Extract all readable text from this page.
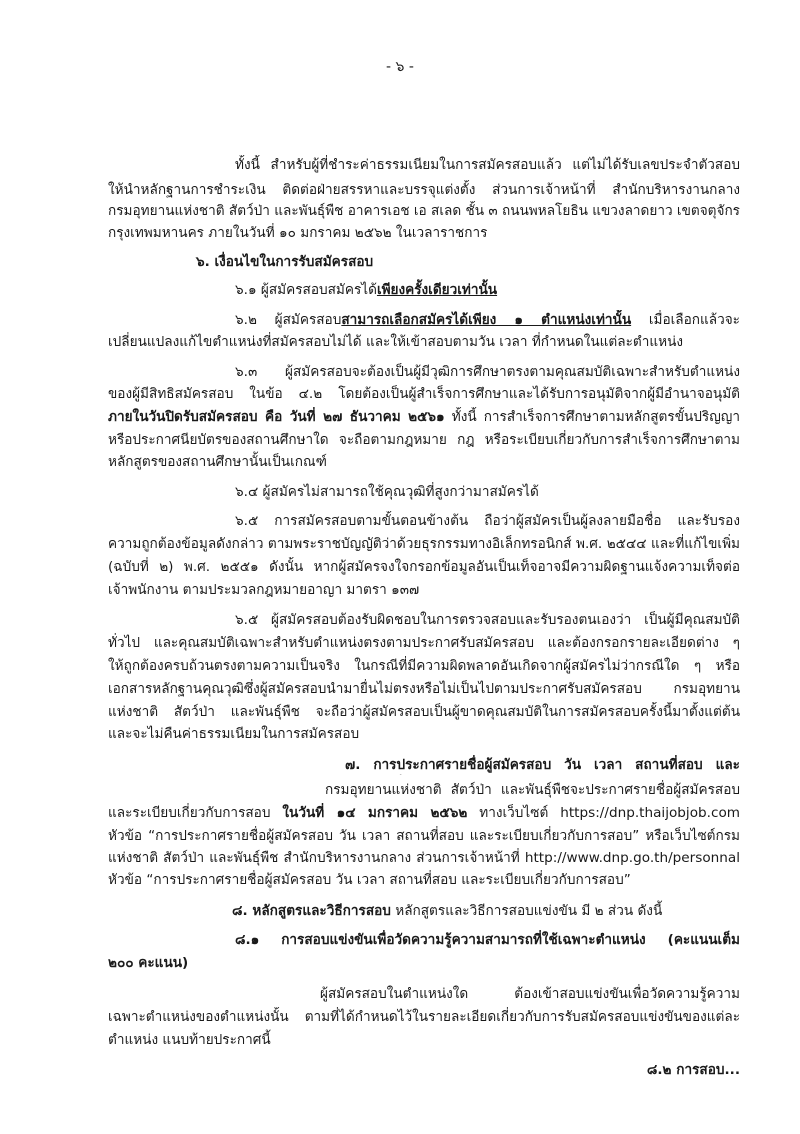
- ๖ -
ทั้งนี้ สำหรับผู้ที่ชำระค่าธรรมเนียมในการสมัครสอบแล้ว แต่ไม่ได้รับเลขประจำตัวสอบ
ให้นำหลักฐานการชำระเงิน ติดต่อฝ่ายสรรหาและบรรจุแต่งตั้ง ส่วนการเจ้าหน้าที่ สำนักบริหารงานกลาง
กรมอุทยานแห่งชาติ สัตว์ป่า และพันธุ์พืช อาคารเอช เอ สเลด ชั้น ๓ ถนนพหลโยธิน แขวงลาดยาว เขตจตุจักร
กรุงเทพมหานคร ภายในวันที่ ๑๐ มกราคม ๒๕๖๒ ในเวลาราชการ
๖. เงื่อนไขในการรับสมัครสอบ
๖.๑ ผู้สมัครสอบสมัครได้เพียงครั้งเดียวเท่านั้น
๖.๒ ผู้สมัครสอบสามารถเลือกสมัครได้เพียง ๑ ตำแหน่งเท่านั้น เมื่อเลือกแล้วจะ
เปลี่ยนแปลงแก้ไขตำแหน่งที่สมัครสอบไม่ได้ และให้เข้าสอบตามวัน เวลา ที่กำหนดในแต่ละตำแหน่ง
๖.๓ ผู้สมัครสอบจะต้องเป็นผู้มีวุฒิการศึกษาตรงตามคุณสมบัติเฉพาะสำหรับตำแหน่ง
ของผู้มีสิทธิสมัครสอบ ในข้อ ๔.๒ โดยต้องเป็นผู้สำเร็จการศึกษาและได้รับการอนุมัติจากผู้มีอำนาจอนุมัติ
ภายในวันปิดรับสมัครสอบ คือ วันที่ ๒๗ ธันวาคม ๒๕๖๑ ทั้งนี้ การสำเร็จการศึกษาตามหลักสูตรขั้นปริญญา
หรือประกาศนียบัตรของสถานศึกษาใด จะถือตามกฎหมาย กฎ หรือระเบียบเกี่ยวกับการสำเร็จการศึกษาตาม
หลักสูตรของสถานศึกษานั้นเป็นเกณฑ์
๖.๔ ผู้สมัครไม่สามารถใช้คุณวุฒิที่สูงกว่ามาสมัครได้
๖.๕ การสมัครสอบตามขั้นตอนข้างต้น ถือว่าผู้สมัครเป็นผู้ลงลายมือชื่อ และรับรอง
ความถูกต้องข้อมูลดังกล่าว ตามพระราชบัญญัติว่าด้วยธุรกรรมทางอิเล็กทรอนิกส์ พ.ศ. ๒๕๔๔ และที่แก้ไขเพิ่ม
(ฉบับที่ ๒) พ.ศ. ๒๕๕๑ ดังนั้น หากผู้สมัครจงใจกรอกข้อมูลอันเป็นเท็จอาจมีความผิดฐานแจ้งความเท็จต่อ
เจ้าพนักงาน ตามประมวลกฎหมายอาญา มาตรา ๑๓๗
๖.๕ ผู้สมัครสอบต้องรับผิดชอบในการตรวจสอบและรับรองตนเองว่า เป็นผู้มีคุณสมบัติ
ทั่วไป และคุณสมบัติเฉพาะสำหรับตำแหน่งตรงตามประกาศรับสมัครสอบ และต้องกรอกรายละเอียดต่าง ๆ
ให้ถูกต้องครบถ้วนตรงตามความเป็นจริง ในกรณีที่มีความผิดพลาดอันเกิดจากผู้สมัครไม่ว่ากรณีใด ๆ หรือ
เอกสารหลักฐานคุณวุฒิซึ่งผู้สมัครสอบนำมายื่นไม่ตรงหรือไม่เป็นไปตามประกาศรับสมัครสอบ กรมอุทยาน
แห่งชาติ สัตว์ป่า และพันธุ์พืช จะถือว่าผู้สมัครสอบเป็นผู้ขาดคุณสมบัติในการสมัครสอบครั้งนี้มาตั้งแต่ต้น
และจะไม่คืนค่าธรรมเนียมในการสมัครสอบ
๗. การประกาศรายชื่อผู้สมัครสอบ วัน เวลา สถานที่สอบ และ
กรมอุทยานแห่งชาติ สัตว์ป่า และพันธุ์พืชจะประกาศรายชื่อผู้สมัครสอบ
และระเบียบเกี่ยวกับการสอบ ในวันที่ ๑๔ มกราคม ๒๕๖๒ ทางเว็บไซต์ https://dnp.thaijobjob.com
หัวข้อ “การประกาศรายชื่อผู้สมัครสอบ วัน เวลา สถานที่สอบ และระเบียบเกี่ยวกับการสอบ” หรือเว็บไซต์กรม
แห่งชาติ สัตว์ป่า และพันธุ์พืช สำนักบริหารงานกลาง ส่วนการเจ้าหน้าที่ http://www.dnp.go.th/personnal
หัวข้อ “การประกาศรายชื่อผู้สมัครสอบ วัน เวลา สถานที่สอบ และระเบียบเกี่ยวกับการสอบ”
๘. หลักสูตรและวิธีการสอบ หลักสูตรและวิธีการสอบแข่งขัน มี ๒ ส่วน ดังนี้
๘.๑ การสอบแข่งขันเพื่อวัดความรู้ความสามารถที่ใช้เฉพาะตำแหน่ง (คะแนนเต็ม
๒๐๐ คะแนน)
ผู้สมัครสอบในตำแหน่งใด ต้องเข้าสอบแข่งขันเพื่อวัดความรู้ความ
เฉพาะตำแหน่งของตำแหน่งนั้น ตามที่ได้กำหนดไว้ในรายละเอียดเกี่ยวกับการรับสมัครสอบแข่งขันของแต่ละ
ตำแหน่ง แนบท้ายประกาศนี้
๘.๒ การสอบ...
